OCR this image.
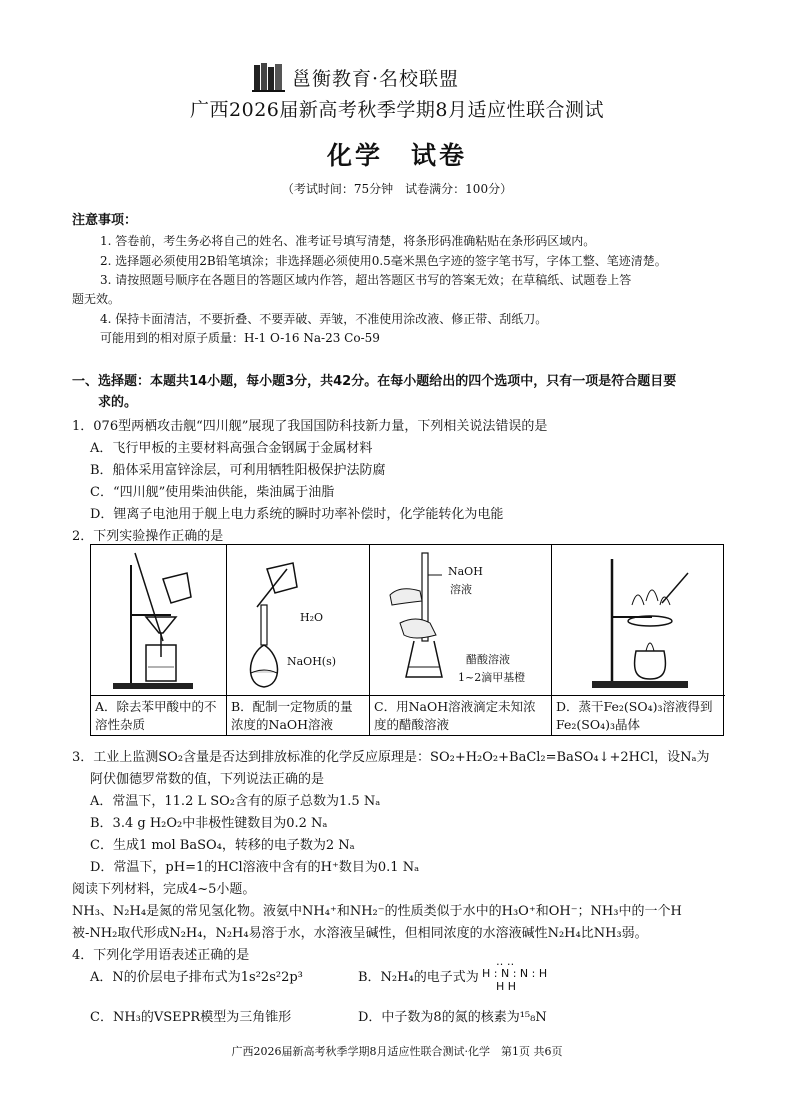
邕衡教育·名校联盟
广西2026届新高考秋季学期8月适应性联合测试
化学　试卷
（考试时间：75分钟　试卷满分：100分）
注意事项：
1. 答卷前，考生务必将自己的姓名、准考证号填写清楚，将条形码准确粘贴在条形码区域内。
2. 选择题必须使用2B铅笔填涂；非选择题必须使用0.5毫米黑色字迹的签字笔书写，字体工整、笔迹清楚。
3. 请按照题号顺序在各题目的答题区域内作答，超出答题区书写的答案无效；在草稿纸、试题卷上答
题无效。
4. 保持卡面清洁，不要折叠、不要弄破、弄皱，不准使用涂改液、修正带、刮纸刀。
可能用到的相对原子质量：H-1 O-16 Na-23 Co-59
一、选择题：本题共14小题，每小题3分，共42分。在每小题给出的四个选项中，只有一项是符合题目要
求的。
1．076型两栖攻击舰“四川舰”展现了我国国防科技新力量，下列相关说法错误的是
A．飞行甲板的主要材料高强合金钢属于金属材料
B．船体采用富锌涂层，可利用牺牲阳极保护法防腐
C．“四川舰”使用柴油供能，柴油属于油脂
D．锂离子电池用于舰上电力系统的瞬时功率补偿时，化学能转化为电能
2．下列实验操作正确的是
A．除去苯甲酸中的不溶性杂质
H₂O
NaOH(s)
B．配制一定物质的量浓度的NaOH溶液
NaOH
溶液
醋酸溶液
1~2滴甲基橙
C．用NaOH溶液滴定未知浓度的醋酸溶液
D．蒸干Fe₂(SO₄)₃溶液得到Fe₂(SO₄)₃晶体
3．工业上监测SO₂含量是否达到排放标准的化学反应原理是：SO₂+H₂O₂+BaCl₂=BaSO₄↓+2HCl，设Nₐ为
阿伏伽德罗常数的值，下列说法正确的是
A．常温下，11.2 L SO₂含有的原子总数为1.5 Nₐ
B．3.4 g H₂O₂中非极性键数目为0.2 Nₐ
C．生成1 mol BaSO₄，转移的电子数为2 Nₐ
D．常温下，pH=1的HCl溶液中含有的H⁺数目为0.1 Nₐ
阅读下列材料，完成4~5小题。
NH₃、N₂H₄是氮的常见氢化物。液氨中NH₄⁺和NH₂⁻的性质类似于水中的H₃O⁺和OH⁻；NH₃中的一个H
被-NH₂取代形成N₂H₄，N₂H₄易溶于水，水溶液呈碱性，但相同浓度的水溶液碱性N₂H₄比NH₃弱。
4．下列化学用语表述正确的是
A．N的价层电子排布式为1s²2s²2p³	B．N₂H₄的电子式为
‥ ‥
H : N : N : H
H H
C．NH₃的VSEPR模型为三角锥形	D．中子数为8的氮的核素为¹⁵₈N
广西2026届新高考秋季学期8月适应性联合测试·化学　第1页 共6页
